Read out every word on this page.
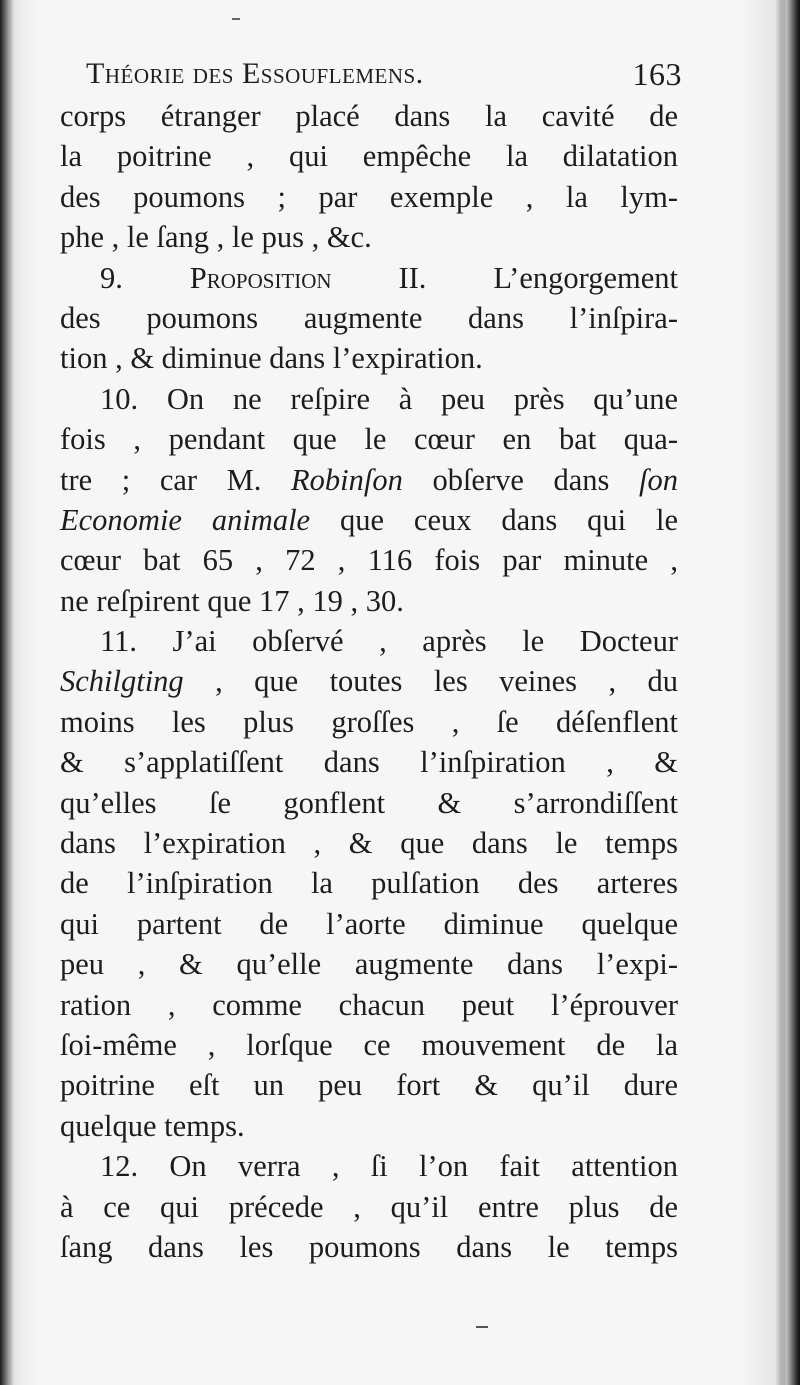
Théorie des Essouflemens.	163
corps étranger placé dans la cavité de
la poitrine , qui empêche la dilatation
des poumons ; par exemple , la lym-
phe , le ſang , le pus , &c.
9. Proposition II. L’engorgement
des poumons augmente dans l’inſpira-
tion , & diminue dans l’expiration.
10. On ne reſpire à peu près qu’une
fois , pendant que le cœur en bat qua-
tre ; car M. Robinſon obſerve dans ſon
Economie animale que ceux dans qui le
cœur bat 65 , 72 , 116 fois par minute ,
ne reſpirent que 17 , 19 , 30.
11. J’ai obſervé , après le Docteur
Schilgting , que toutes les veines , du
moins les plus groſſes , ſe déſenflent
& s’applatiſſent dans l’inſpiration , &
qu’elles ſe gonflent & s’arrondiſſent
dans l’expiration , & que dans le temps
de l’inſpiration la pulſation des arteres
qui partent de l’aorte diminue quelque
peu , & qu’elle augmente dans l’expi-
ration , comme chacun peut l’éprouver
ſoi-même , lorſque ce mouvement de la
poitrine eſt un peu fort & qu’il dure
quelque temps.
12. On verra , ſi l’on fait attention
à ce qui précede , qu’il entre plus de
ſang dans les poumons dans le temps
